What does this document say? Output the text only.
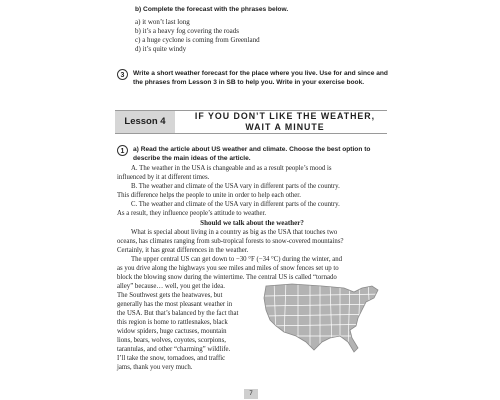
b) Complete the forecast with the phrases below.
a) it won’t last long
b) it’s a heavy fog covering the roads
c) a huge cyclone is coming from Greenland
d) it’s quite windy
3	Write a short weather forecast for the place where you live. Use for and since and
the phrases from Lesson 3 in SB to help you. Write in your exercise book.
Lesson 4	IF YOU DON’T LIKE THE WEATHER,
WAIT A MINUTE
1	a) Read the article about US weather and climate. Choose the best option to
describe the main ideas of the article.
A. The weather in the USA is changeable and as a result people’s mood is
influenced by it at different times.
B. The weather and climate of the USA vary in different parts of the country.
This difference helps the people to unite in order to help each other.
C. The weather and climate of the USA vary in different parts of the country.
As a result, they influence people’s attitude to weather.
Should we talk about the weather?
What is special about living in a country as big as the USA that touches two
oceans, has climates ranging from sub-tropical forests to snow-covered mountains?
Certainly, it has great differences in the weather.
The upper central US can get down to −30 °F (−34 °C) during the winter, and
as you drive along the highways you see miles and miles of snow fences set up to
block the blowing snow during the wintertime. The central US is called “tornado
alley” because… well, you get the idea.
The Southwest gets the heatwaves, but
generally has the most pleasant weather in
the USA. But that’s balanced by the fact that
this region is home to rattlesnakes, black
widow spiders, huge cactuses, mountain
lions, bears, wolves, coyotes, scorpions,
tarantulas, and other “charming” wildlife.
I’ll take the snow, tornadoes, and traffic
jams, thank you very much.
7
